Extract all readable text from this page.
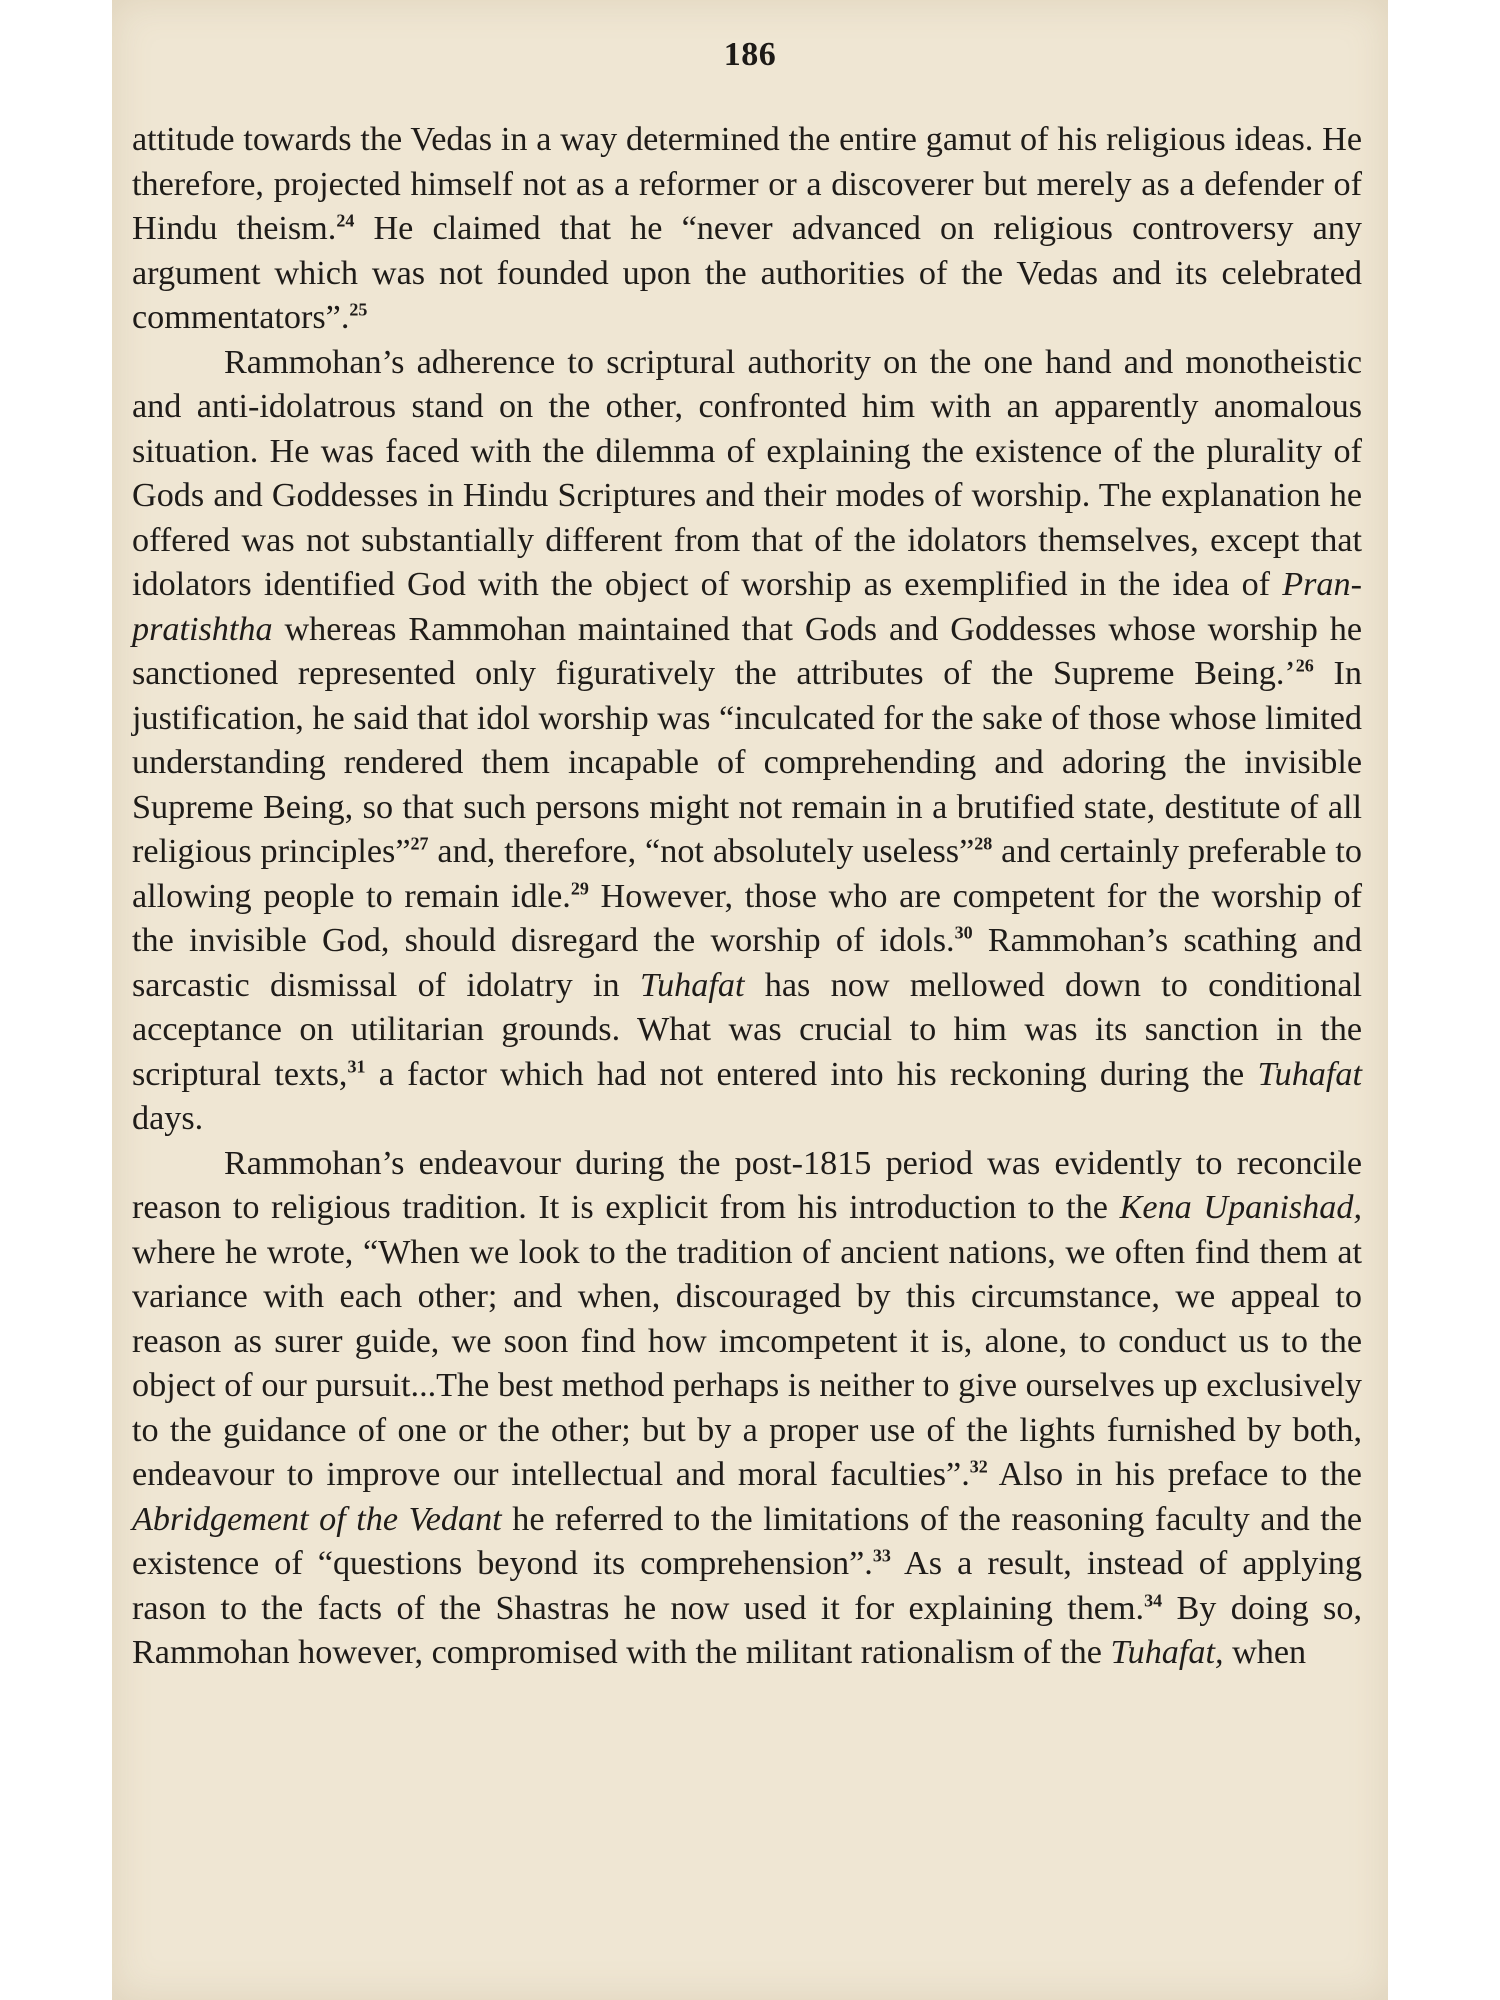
186

attitude towards the Vedas in a way determined the entire gamut of his religious ideas. He therefore, projected himself not as a reformer or a discoverer but merely as a defender of Hindu theism.$^{24}$ He claimed that he “never advanced on religious controversy any argument which was not founded upon the authorities of the Vedas and its celebrated commentators”.$^{25}$

Rammohan’s adherence to scriptural authority on the one hand and monotheistic and anti-idolatrous stand on the other, confronted him with an apparently anomalous situation. He was faced with the dilemma of explaining the existence of the plurality of Gods and Goddesses in Hindu Scriptures and their modes of worship. The explanation he offered was not substantially different from that of the idolators themselves, except that idolators identified God with the object of worship as exemplified in the idea of Pran-pratishtha whereas Rammohan maintained that Gods and Goddesses whose worship he sanctioned represented only figuratively the attributes of the Supreme Being.’$^{26}$ In justification, he said that idol worship was “inculcated for the sake of those whose limited understanding rendered them incapable of comprehending and adoring the invisible Supreme Being, so that such persons might not remain in a brutified state, destitute of all religious principles”$^{27}$ and, therefore, “not absolutely useless”$^{28}$ and certainly preferable to allowing people to remain idle.$^{29}$ However, those who are competent for the worship of the invisible God, should disregard the worship of idols.$^{30}$ Rammohan’s scathing and sarcastic dismissal of idolatry in Tuhafat has now mellowed down to conditional acceptance on utilitarian grounds. What was crucial to him was its sanction in the scriptural texts,$^{31}$ a factor which had not entered into his reckoning during the Tuhafat days.

Rammohan’s endeavour during the post-1815 period was evidently to reconcile reason to religious tradition. It is explicit from his introduction to the Kena Upanishad, where he wrote, “When we look to the tradition of ancient nations, we often find them at variance with each other; and when, discouraged by this circumstance, we appeal to reason as surer guide, we soon find how imcompetent it is, alone, to conduct us to the object of our pursuit...The best method perhaps is neither to give ourselves up exclusively to the guidance of one or the other; but by a proper use of the lights furnished by both, endeavour to improve our intellectual and moral faculties”.$^{32}$ Also in his preface to the Abridgement of the Vedant he referred to the limitations of the reasoning faculty and the existence of “questions beyond its comprehension”.$^{33}$ As a result, instead of applying rason to the facts of the Shastras he now used it for explaining them.$^{34}$ By doing so, Rammohan however, compromised with the militant rationalism of the Tuhafat, when
